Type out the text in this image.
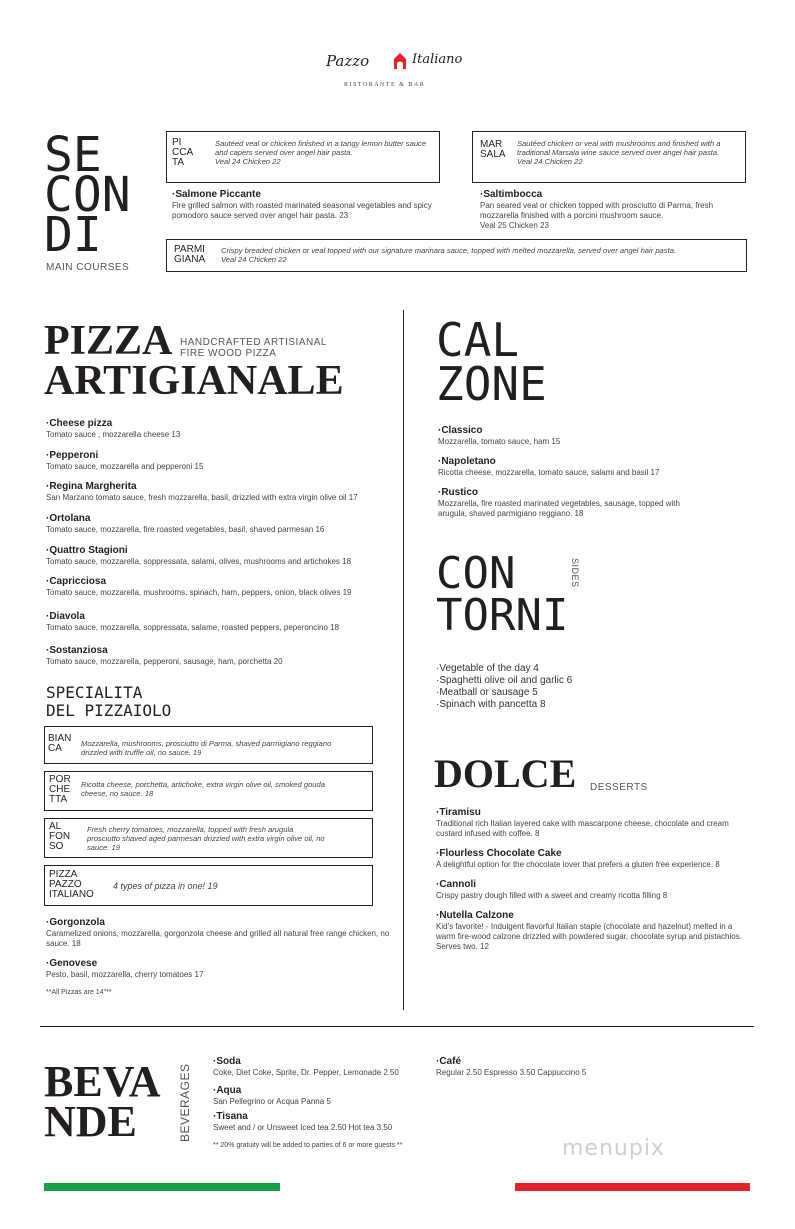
Pazzo	Italiano
RISTORANTE & BAR
SE
CON
DI
MAIN COURSES
PI
CCA
TA
Sautéed veal or chicken finished in a tangy lemon butter sauce and capers served over angel hair pasta.
Veal 24 Chicken 22
MAR
SALA
Sautéed chicken or veal with mushrooms and finished with a traditional Marsala wine sauce served over angel hair pasta.
Veal 24 Chicken 22
·Salmone Piccante
Fire grilled salmon with roasted marinated seasonal vegetables and spicy pomodoro sauce served over angel hair pasta. 23
·Saltimbocca
Pan seared veal or chicken topped with prosciutto di Parma, fresh mozzarella finished with a porcini mushroom sauce.
Veal 25 Chicken 23
PARMI
GIANA
Crispy breaded chicken or veal topped with our signature marinara sauce, topped with melted mozzarella, served over angel hair pasta.
Veal 24 Chicken 22
PIZZA HANDCRAFTED ARTISIANAL
FIRE WOOD PIZZA
ARTIGIANALE
·Cheese pizza
Tomato sauce , mozzarella cheese 13
·Pepperoni
Tomato sauce, mozzarella and pepperoni 15
·Regina Margherita
San Marzano tomato sauce, fresh mozzarella, basil, drizzled with extra virgin olive oil 17
·Ortolana
Tomato sauce, mozzarella, fire roasted vegetables, basil, shaved parmesan 16
·Quattro Stagioni
Tomato sauce, mozzarella, soppressata, salami, olives, mushrooms and artichokes 18
·Capricciosa
Tomato sauce, mozzarella, mushrooms, spinach, ham, peppers, onion, black olives 19
·Diavola
Tomato sauce, mozzarella, soppressata, salame, roasted peppers, peperoncino 18
·Sostanziosa
Tomato sauce, mozzarella, pepperoni, sausage, ham, porchetta 20
SPECIALITA
DEL PIZZAIOLO
BIAN
CA	Mozzarella, mushrooms, prosciutto di Parma, shaved parmigiano reggiano drizzled with truffle oil, no sauce. 19
POR
CHE
TTA
Ricotta cheese, porchetta, artichoke, extra virgin olive oil, smoked gouda cheese, no sauce. 18
AL
FON
SO
Fresh cherry tomatoes, mozzarella, topped with fresh arugula prosciutto shaved aged parmesan drizzled with extra virgin olive oil, no sauce. 19
PIZZA
PAZZO
ITALIANO
4 types of pizza in one! 19
·Gorgonzola
Caramelized onions, mozzarella, gorgonzola cheese and grilled all natural free range chicken, no sauce. 18
·Genovese
Pesto, basil, mozzarella, cherry tomatoes 17
**All Pizzas are 14"**
CAL
ZONE
·Classico
Mozzarella, tomato sauce, ham 15
·Napoletano
Ricotta cheese, mozzarella, tomato sauce, salami and basil 17
·Rustico
Mozzarella, fire roasted marinated vegetables, sausage, topped with arugula, shaved parmigiano reggiano. 18
CON
TORNI
SIDES
·Vegetable of the day 4
·Spaghetti olive oil and garlic 6
·Meatball or sausage 5
·Spinach with pancetta 8
DOLCE DESSERTS
·Tiramisu
Traditional rich Italian layered cake with mascarpone cheese, chocolate and cream custard infused with coffee. 8
·Flourless Chocolate Cake
A delightful option for the chocolate lover that prefers a gluten free experience. 8
·Cannoli
Crispy pastry dough filled with a sweet and creamy ricotta filling 8
·Nutella Calzone
Kid's favorite! - Indulgent flavorful Italian staple (chocolate and hazelnut) melted in a warm fire-wood calzone drizzled with powdered sugar, chocolate syrup and pistachios. Serves two. 12
BEVA
NDE	BEVERAGES
·Soda
Coke, Diet Coke, Sprite, Dr. Pepper, Lemonade 2.50
·Aqua
San Pellegrino or Acqua Panna 5
·Tisana
Sweet and / or Unsweet Iced tea 2.50 Hot tea 3.50
** 20% gratuity will be added to parties of 6 or more guests **
·Café
Regular 2.50 Espresso 3.50 Cappuccino 5
menupix
